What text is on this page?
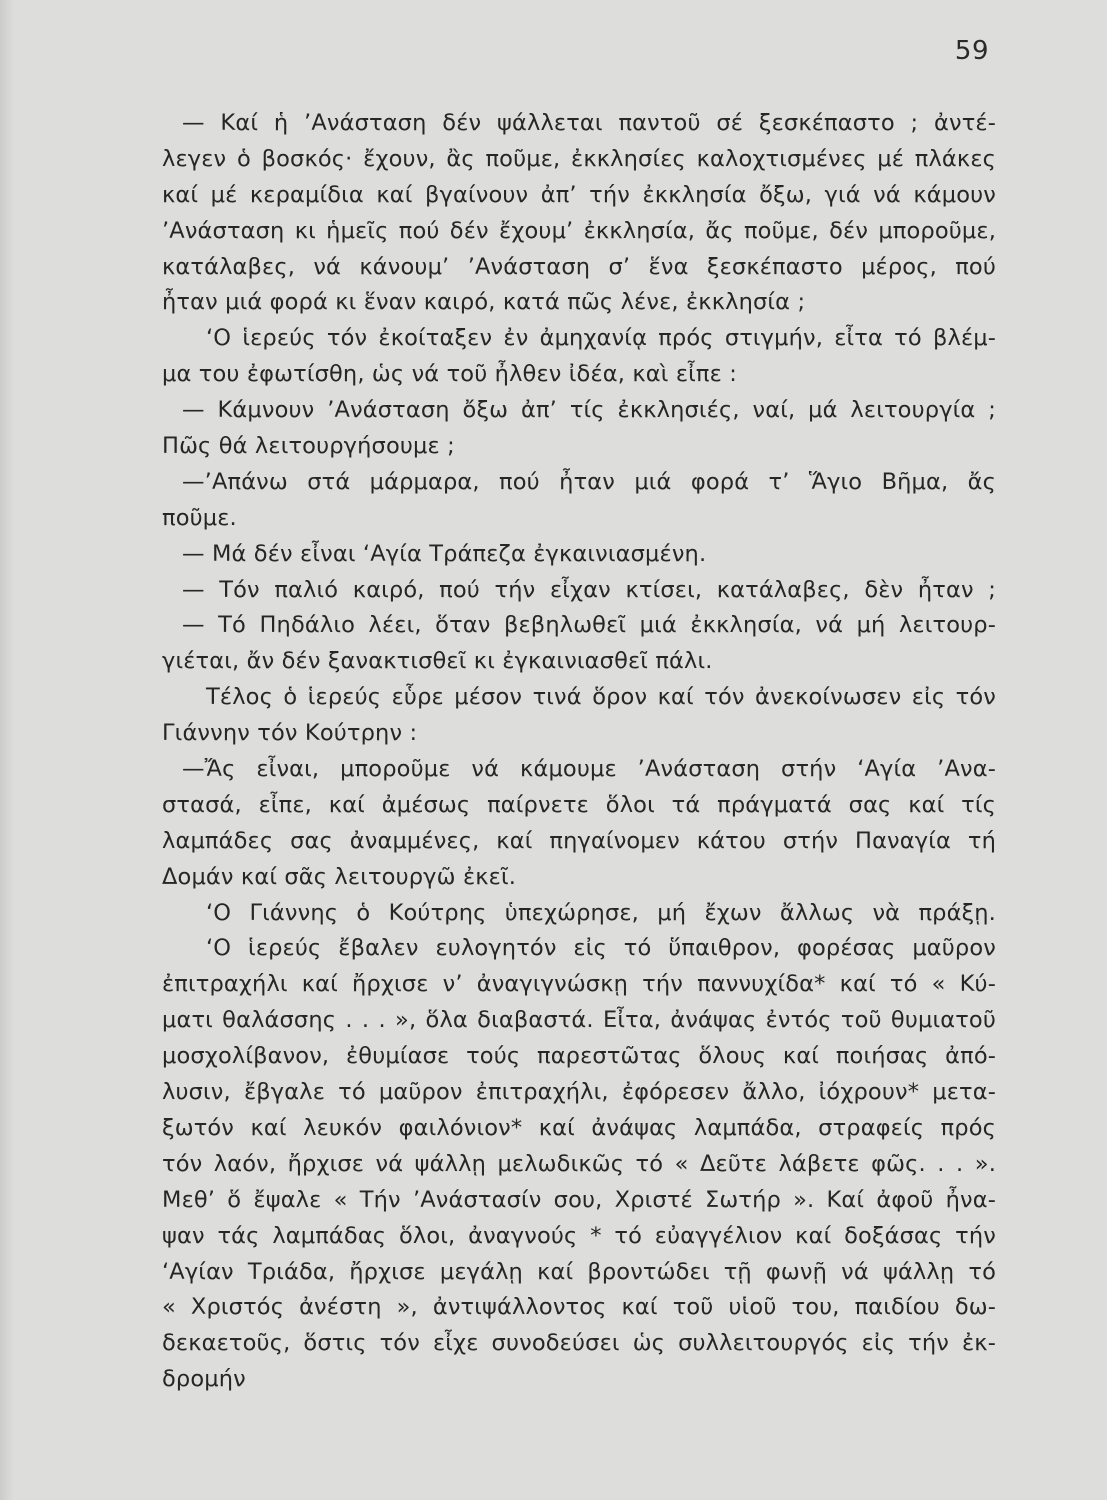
59
— Καί ἡ ’Ανάσταση δέν ψάλλεται παντοῦ σέ ξεσκέπαστο ; ἀντέ-
λεγεν ὁ βοσκός· ἔχουν, ἂς ποῦμε, ἐκκλησίες καλοχτισμένες μέ πλάκες
καί μέ κεραμίδια καί βγαίνουν ἀπ’ τήν ἐκκλησία ὄξω, γιά νά κάμουν
’Ανάσταση κι ἡμεῖς πού δέν ἔχουμ’ ἐκκλησία, ἄς ποῦμε, δέν μποροῦμε,
κατάλαβες, νά κάνουμ’ ’Ανάσταση σ’ ἕνα ξεσκέπαστο μέρος, πού
ἦταν μιά φορά κι ἕναν καιρό, κατά πῶς λένε, ἐκκλησία ;
‘Ο ἱερεύς τόν ἐκοίταξεν ἐν ἀμηχανίᾳ πρός στιγμήν, εἶτα τό βλέμ-
μα του ἐφωτίσθη, ὡς νά τοῦ ἦλθεν ἰδέα, καὶ εἶπε :
— Κάμνουν ’Ανάσταση ὄξω ἀπ’ τίς ἐκκλησιές, ναί, μά λειτουργία ;
Πῶς θά λειτουργήσουμε ;
—’Απάνω στά μάρμαρα, πού ἦταν μιά φορά τ’ Ἅγιο Βῆμα, ἄς
ποῦμε.
— Μά δέν εἶναι ‘Αγία Τράπεζα ἐγκαινιασμένη.
— Τόν παλιό καιρό, πού τήν εἶχαν κτίσει, κατάλαβες, δὲν ἦταν ;
— Τό Πηδάλιο λέει, ὅταν βεβηλωθεῖ μιά ἐκκλησία, νά μή λειτουρ-
γιέται, ἄν δέν ξανακτισθεῖ κι ἐγκαινιασθεῖ πάλι.
Τέλος ὁ ἱερεύς εὗρε μέσον τινά ὅρον καί τόν ἀνεκοίνωσεν εἰς τόν
Γιάννην τόν Κούτρην :
—Ἄς εἶναι, μποροῦμε νά κάμουμε ’Ανάσταση στήν ‘Αγία ’Ανα-
στασά, εἶπε, καί ἀμέσως παίρνετε ὅλοι τά πράγματά σας καί τίς
λαμπάδες σας ἀναμμένες, καί πηγαίνομεν κάτου στήν Παναγία τή
Δομάν καί σᾶς λειτουργῶ ἐκεῖ.
‘Ο Γιάννης ὁ Κούτρης ὑπεχώρησε, μή ἔχων ἄλλως νὰ πράξῃ.
‘Ο ἱερεύς ἔβαλεν ευλογητόν εἰς τό ὕπαιθρον, φορέσας μαῦρον
ἐπιτραχήλι καί ἤρχισε ν’ ἀναγιγνώσκῃ τήν παννυχίδα* καί τό « Κύ-
ματι θαλάσσης . . . », ὅλα διαβαστά. Εἶτα, ἀνάψας ἐντός τοῦ θυμιατοῦ
μοσχολίβανον, ἐθυμίασε τούς παρεστῶτας ὅλους καί ποιήσας ἀπό-
λυσιν, ἔβγαλε τό μαῦρον ἐπιτραχήλι, ἐφόρεσεν ἄλλο, ἰόχρουν* μετα-
ξωτόν καί λευκόν φαιλόνιον* καί ἀνάψας λαμπάδα, στραφείς πρός
τόν λαόν, ἤρχισε νά ψάλλῃ μελωδικῶς τό « Δεῦτε λάβετε φῶς. . . ».
Μεθ’ ὅ ἔψαλε « Τήν ’Ανάστασίν σου, Χριστέ Σωτήρ ». Καί ἀφοῦ ἦνα-
ψαν τάς λαμπάδας ὅλοι, ἀναγνούς * τό εὐαγγέλιον καί δοξάσας τήν
‘Αγίαν Τριάδα, ἤρχισε μεγάλῃ καί βροντώδει τῇ φωνῇ νά ψάλλῃ τό
« Χριστός ἀνέστη », ἀντιψάλλοντος καί τοῦ υἱοῦ του, παιδίου δω-
δεκαετοῦς, ὅστις τόν εἶχε συνοδεύσει ὡς συλλειτουργός εἰς τήν ἐκ-
δρομήν
